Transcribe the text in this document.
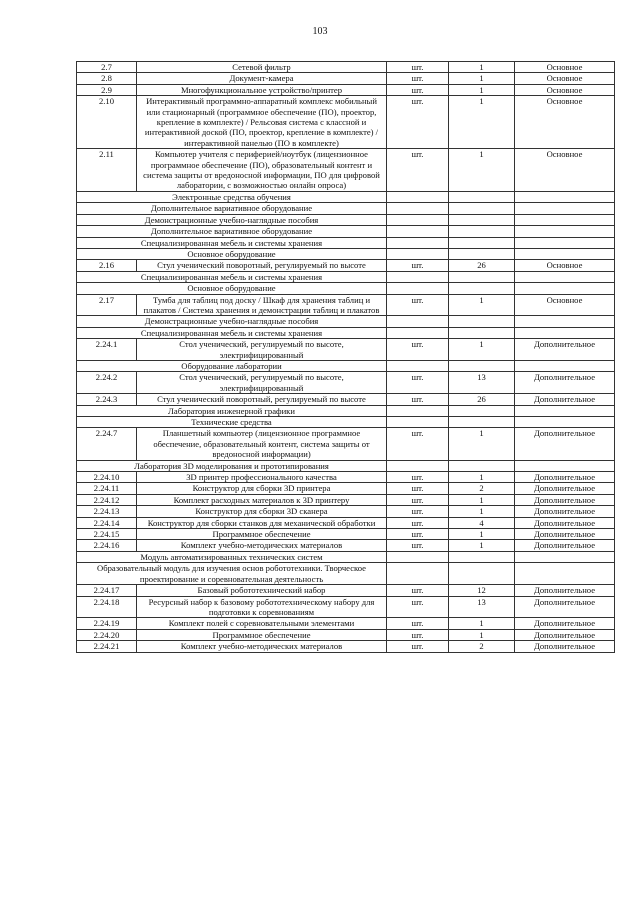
103
2.7	Сетевой фильтр	шт.	1	Основное
2.8	Документ-камера	шт.	1	Основное
2.9	Многофункциональное устройство/принтер	шт.	1	Основное
2.10	Интерактивный программно-аппаратный комплекс мобильный или стационарный (программное обеспечение (ПО), проектор, крепление в комплекте) / Рельсовая система с классной и интерактивной доской (ПО, проектор, крепление в комплекте) / интерактивной панелью (ПО в комплекте)	шт.	1	Основное
2.11	Компьютер учителя с периферией/ноутбук (лицензионное программное обеспечение (ПО), образовательный контент и система защиты от вредоносной информации, ПО для цифровой лаборатории, с возможностью онлайн опроса)	шт.	1	Основное
Электронные средства обучения				
Дополнительное вариативное оборудование				
Демонстрационные учебно-наглядные пособия				
Дополнительное вариативное оборудование				
Специализированная мебель и системы хранения				
Основное оборудование				
2.16	Стул ученический поворотный, регулируемый по высоте	шт.	26	Основное
Специализированная мебель и системы хранения				
Основное оборудование				
2.17	Тумба для таблиц под доску / Шкаф для хранения таблиц и плакатов / Система хранения и демонстрации таблиц и плакатов	шт.	1	Основное
Демонстрационные учебно-наглядные пособия				
Специализированная мебель и системы хранения				
2.24.1	Стол ученический, регулируемый по высоте, электрифицированный	шт.	1	Дополнительное
Оборудование лаборатории				
2.24.2	Стол ученический, регулируемый по высоте, электрифицированный	шт.	13	Дополнительное
2.24.3	Стул ученический поворотный, регулируемый по высоте	шт.	26	Дополнительное
Лаборатория инженерной графики				
Технические средства				
2.24.7	Планшетный компьютер (лицензионное программное обеспечение, образовательный контент, система защиты от вредоносной информации)	шт.	1	Дополнительное
Лаборатория 3D моделирования и прототипирования				
2.24.10	3D принтер профессионального качества	шт.	1	Дополнительное
2.24.11	Конструктор для сборки 3D принтера	шт.	2	Дополнительное
2.24.12	Комплект расходных материалов к 3D принтеру	шт.	1	Дополнительное
2.24.13	Конструктор для сборки 3D сканера	шт.	1	Дополнительное
2.24.14	Конструктор для сборки станков для механической обработки	шт.	4	Дополнительное
2.24.15	Программное обеспечение	шт.	1	Дополнительное
2.24.16	Комплект учебно-методических материалов	шт.	1	Дополнительное
Модуль автоматизированных технических систем				
Образовательный модуль для изучения основ робототехники. Творческое проектирование и соревновательная деятельность				
2.24.17	Базовый робототехнический набор	шт.	12	Дополнительное
2.24.18	Ресурсный набор к базовому робототехническому набору для подготовки к соревнованиям	шт.	13	Дополнительное
2.24.19	Комплект полей с соревновательными элементами	шт.	1	Дополнительное
2.24.20	Программное обеспечение	шт.	1	Дополнительное
2.24.21	Комплект учебно-методических материалов	шт.	2	Дополнительное
